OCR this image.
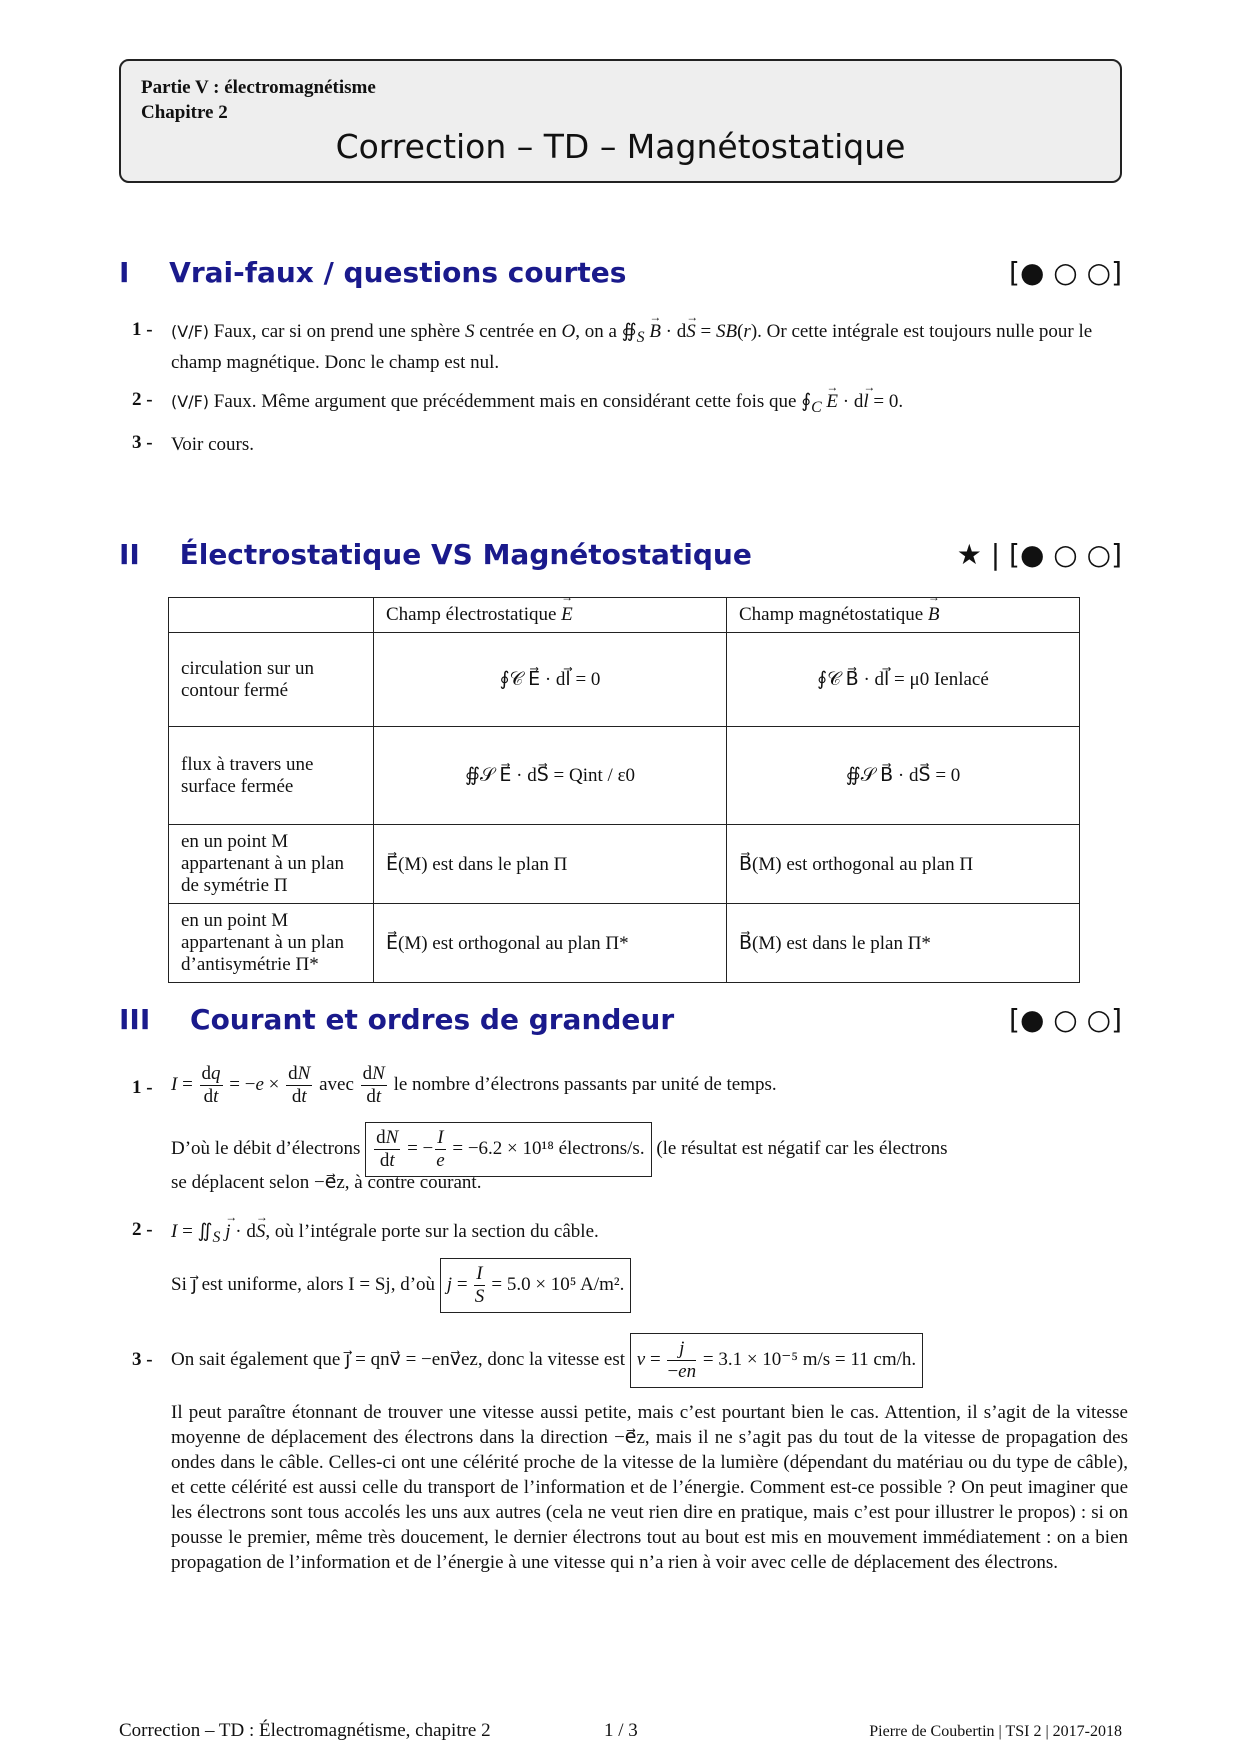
Partie V : électromagnétisme
Chapitre 2
Correction – TD – Magnétostatique
I Vrai-faux / questions courtes	[● ○ ○]
1 - (V/F) Faux, car si on prend une sphère S centrée en O, on a $∯_S \to B \cdot d\to S = SB(r)$. Or cette intégrale est toujours nulle pour le champ magnétique. Donc le champ est nul.
2 - (V/F) Faux. Même argument que précédemment mais en considérant cette fois que $∮_C \to E \cdot d\to l = 0$.
3 - Voir cours.
II Électrostatique VS Magnétostatique	★ | [● ○ ○]
	Champ électrostatique → E	Champ magnétostatique → B
circulation sur un contour fermé	∮𝒞 E⃗ · dl⃗ = 0	∮𝒞 B⃗ · dl⃗ = μ0 Ienlacé
flux à travers une surface fermée	∯𝒮 E⃗ · dS⃗ = Qint / ε0	∯𝒮 B⃗ · dS⃗ = 0
en un point M appartenant à un plan de symétrie Π	E⃗(M) est dans le plan Π	B⃗(M) est orthogonal au plan Π
en un point M appartenant à un plan d’antisymétrie Π*	E⃗(M) est orthogonal au plan Π*	B⃗(M) est dans le plan Π*
III Courant et ordres de grandeur	[● ○ ○]
$1 - I = \frac{dq}{dt} = -e \times \frac{dN}{dt}$ avec $\frac{dN}{dt}$ le nombre d’électrons passants par unité de temps.
D’où le débit d’électrons $\frac{dN}{dt}$ = − $\frac{I}{e} = -6.2 \times 10^{18}$ électrons/s. (le résultat est négatif car les électrons
se déplacent selon −e⃗z, à contre courant.
$2 - I = ∬_S \to j \cdot d\to S$, où l’intégrale porte sur la section du câble.
Si j⃗ est uniforme, alors I = Sj, d’où $j = \frac{I}{S} = 5.0 \times 10^5$ A/m².
3 - On sait également que j⃗ = qnv⃗ = −env⃗ez, donc la vitesse est $v = \frac{j}{-en} = 3.1 \times 10^{-5}$ m/s = 11 cm/h.
Il peut paraître étonnant de trouver une vitesse aussi petite, mais c’est pourtant bien le cas. Attention, il s’agit de la vitesse moyenne de déplacement des électrons dans la direction −e⃗z, mais il ne s’agit pas du tout de la vitesse de propagation des ondes dans le câble. Celles-ci ont une célérité proche de la vitesse de la lumière (dépendant du matériau ou du type de câble), et cette célérité est aussi celle du transport de l’information et de l’énergie. Comment est-ce possible ? On peut imaginer que les électrons sont tous accolés les uns aux autres (cela ne veut rien dire en pratique, mais c’est pour illustrer le propos) : si on pousse le premier, même très doucement, le dernier électrons tout au bout est mis en mouvement immédiatement : on a bien propagation de l’information et de l’énergie à une vitesse qui n’a rien à voir avec celle de déplacement des électrons.
Correction – TD : Électromagnétisme, chapitre 2	1 / 3	Pierre de Coubertin | TSI 2 | 2017-2018
